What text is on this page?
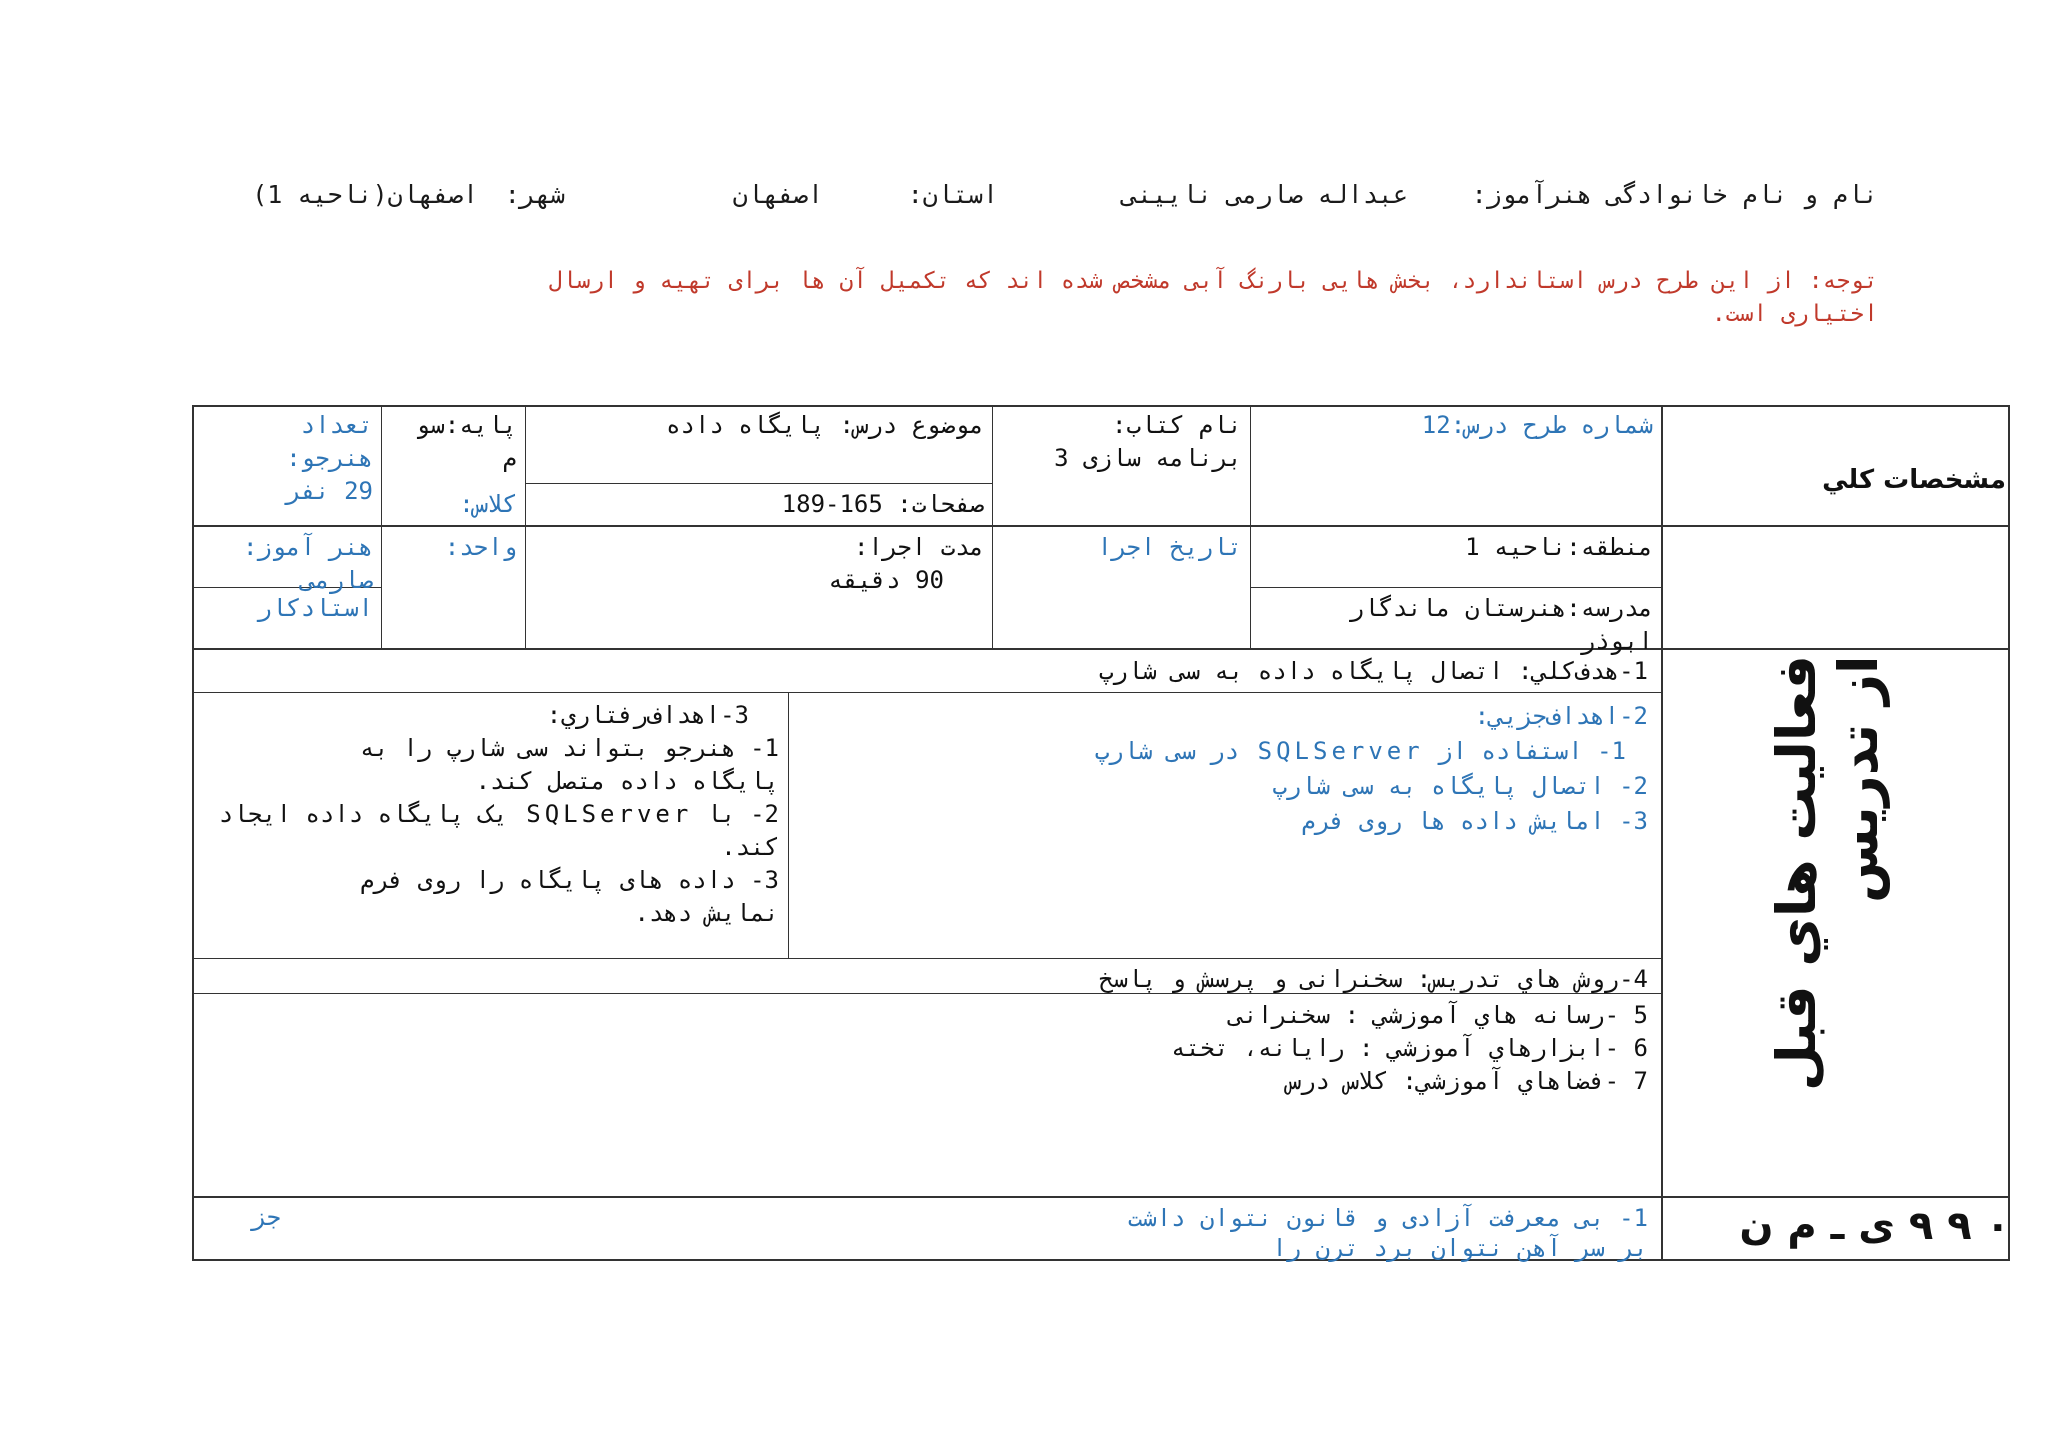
نام و نام خانوادگی هنرآموز:
عبداله صارمی نایینی
استان:
اصفهان
شهر:
اصفهان(ناحیه 1)
توجه: از این طرح درس استاندارد، بخش هایی بارنگ آبی مشخص شده اند که تکمیل آن ها برای تهیه و ارسال
اختیاری است.
مشخصات كلي
فعاليت هاي قبل از تدريس
۰ ۹ ۹ ی ـ م ن
شماره طرح درس:12
نام کتاب:
برنامه سازی 3
موضوع درس: پایگاه داده
صفحات: 165-189
پایه:سو
م
کلاس:
تعداد
هنرجو:
29 نفر
منطقه:ناحیه 1
مدرسه:هنرستان ماندگار
ابوذر
تاريخ اجرا
مدت اجرا:
90 دقیقه
واحد:
هنر آموز:
صارمی
استادكار
1-هدف‌كلي: اتصال پایگاه داده به سی شارپ
2-اهداف‌جزيي:
1- استفاده از SQLServer در سی شارپ
2- اتصال پایگاه به سی شارپ
3- امایش داده ها روی فرم
3-اهداف‌رفتاري:
1- هنرجو بتواند سی شارپ را به
پایگاه داده متصل کند.
2- با SQLServer یک پایگاه داده ایجاد
کند.
3- داده های پایگاه را روی فرم
نمایش دهد.
4-روش هاي تدريس: سخنرانی و پرسش و پاسخ
5 -رسانه هاي آموزشي : سخنرانی
6 -ابزارهاي آموزشي : رایانه، تخته
7 -فضاهاي آموزشي: كلاس درس
1- بی معرفت آزادی و قانون نتوان داشت
بر سر آهن نتوان برد ترن را
جز
